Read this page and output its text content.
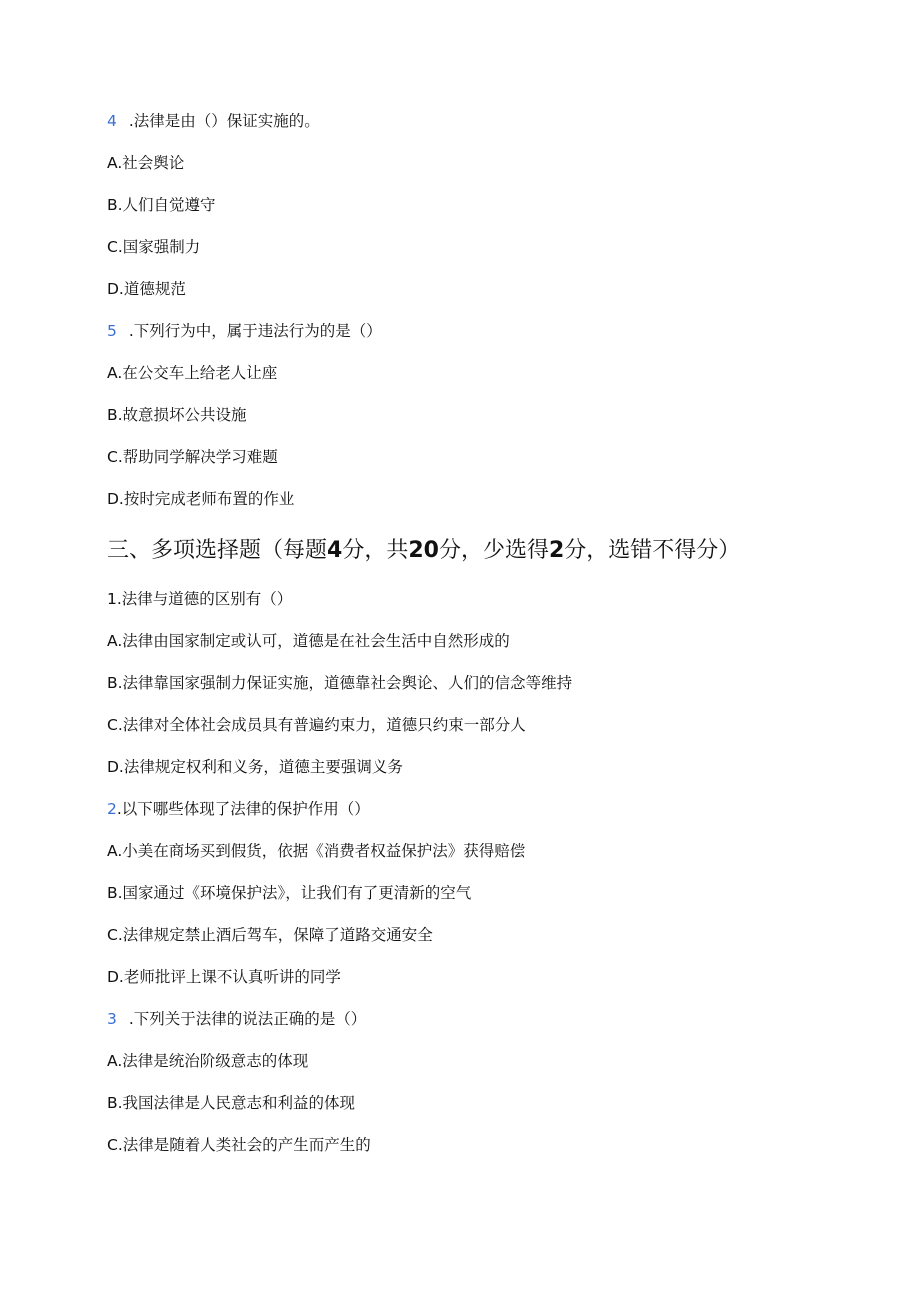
4 .法律是由（）保证实施的。
A.社会舆论
B.人们自觉遵守
C.国家强制力
D.道德规范
5 .下列行为中，属于违法行为的是（）
A.在公交车上给老人让座
B.故意损坏公共设施
C.帮助同学解决学习难题
D.按时完成老师布置的作业
三、多项选择题（每题4分，共20分，少选得2分，选错不得分）
1.法律与道德的区别有（）
A.法律由国家制定或认可，道德是在社会生活中自然形成的
B.法律靠国家强制力保证实施，道德靠社会舆论、人们的信念等维持
C.法律对全体社会成员具有普遍约束力，道德只约束一部分人
D.法律规定权利和义务，道德主要强调义务
2.以下哪些体现了法律的保护作用（）
A.小美在商场买到假货，依据《消费者权益保护法》获得赔偿
B.国家通过《环境保护法》，让我们有了更清新的空气
C.法律规定禁止酒后驾车，保障了道路交通安全
D.老师批评上课不认真听讲的同学
3 .下列关于法律的说法正确的是（）
A.法律是统治阶级意志的体现
B.我国法律是人民意志和利益的体现
C.法律是随着人类社会的产生而产生的
